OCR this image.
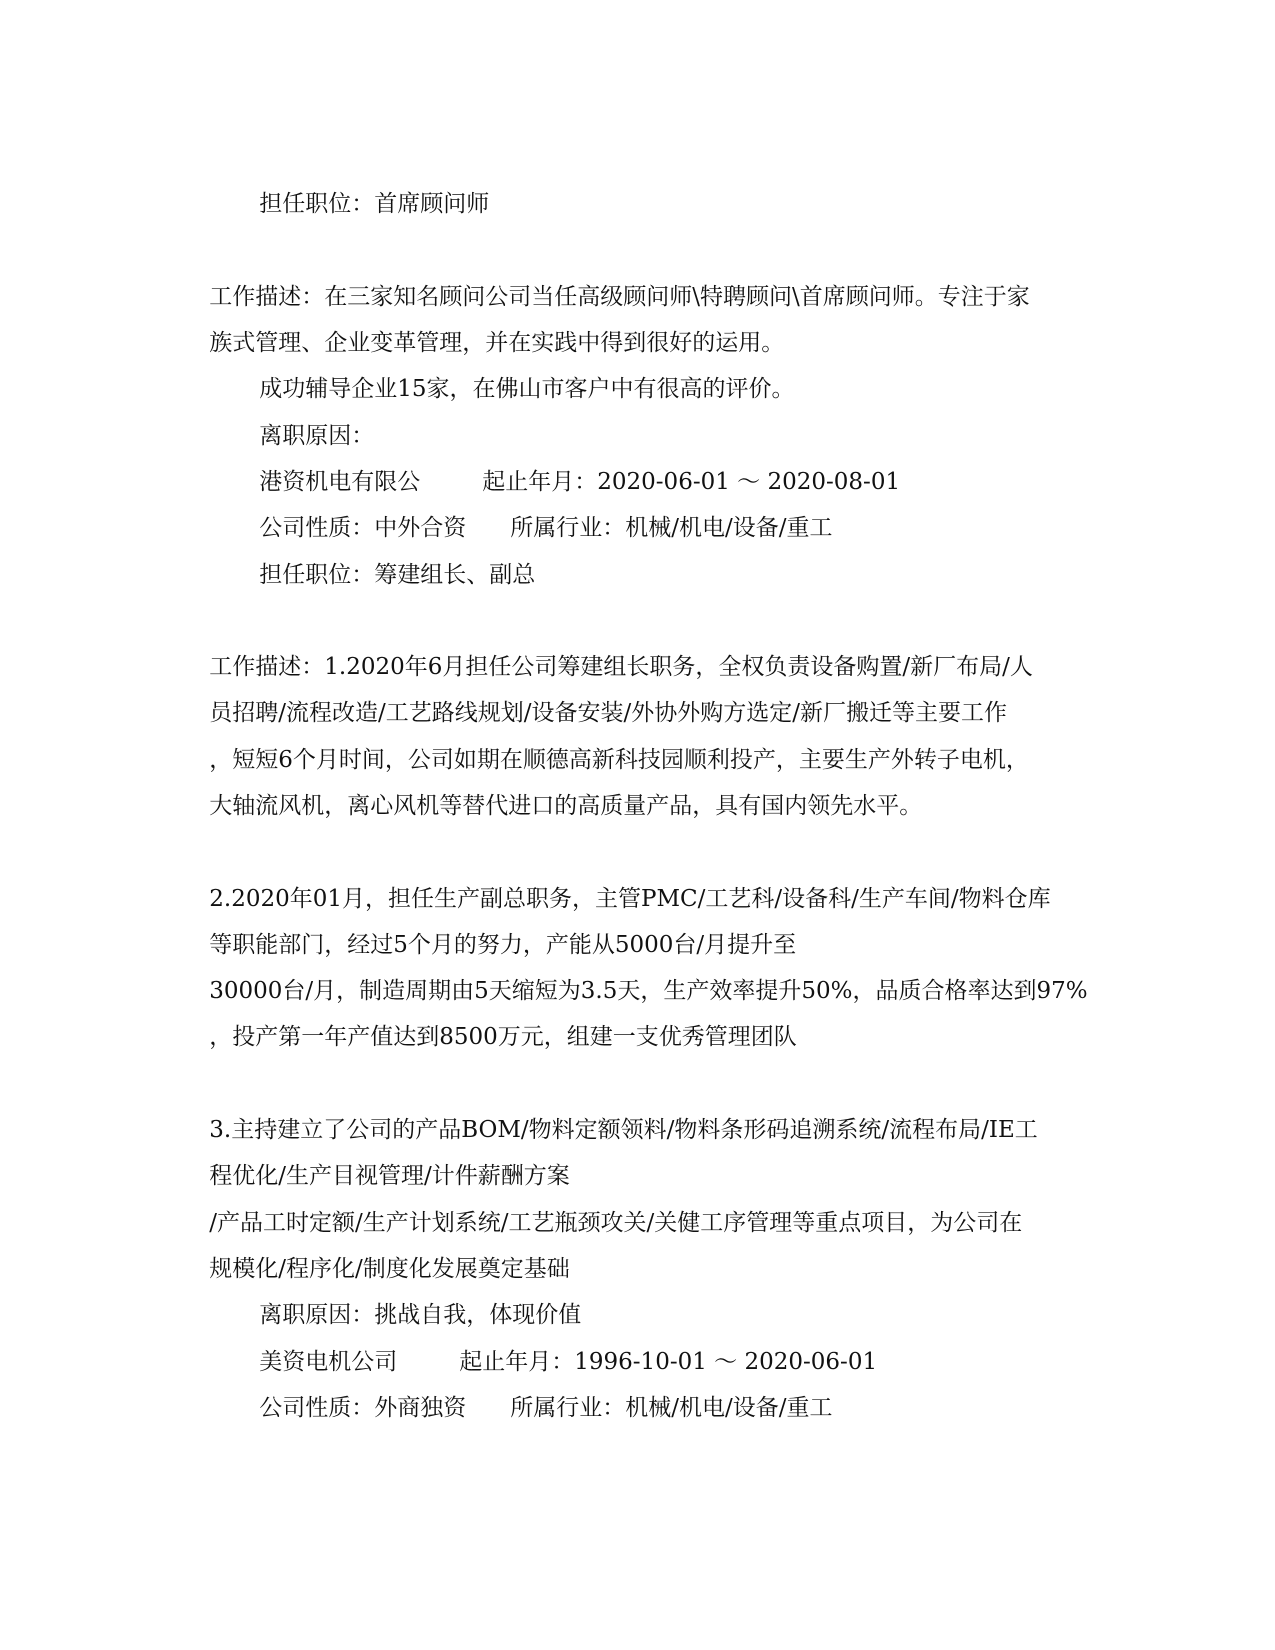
担任职位：首席顾问师

工作描述：在三家知名顾问公司当任高级顾问师\特聘顾问\首席顾问师。专注于家

族式管理、企业变革管理，并在实践中得到很好的运用。

成功辅导企业15家，在佛山市客户中有很高的评价。

离职原因：

港资机电有限公	起止年月：2020-06-01 ～ 2020-08-01

公司性质：中外合资 所属行业：机械/机电/设备/重工

担任职位：筹建组长、副总

工作描述：1.2020年6月担任公司筹建组长职务，全权负责设备购置/新厂布局/人

员招聘/流程改造/工艺路线规划/设备安装/外协外购方选定/新厂搬迁等主要工作

，短短6个月时间，公司如期在顺德高新科技园顺利投产，主要生产外转子电机，

大轴流风机，离心风机等替代进口的高质量产品，具有国内领先水平。

2.2020年01月，担任生产副总职务，主管PMC/工艺科/设备科/生产车间/物料仓库

等职能部门，经过5个月的努力，产能从5000台/月提升至

30000台/月，制造周期由5天缩短为3.5天，生产效率提升50%，品质合格率达到97%

，投产第一年产值达到8500万元，组建一支优秀管理团队

3.主持建立了公司的产品BOM/物料定额领料/物料条形码追溯系统/流程布局/IE工

程优化/生产目视管理/计件薪酬方案

/产品工时定额/生产计划系统/工艺瓶颈攻关/关健工序管理等重点项目，为公司在

规模化/程序化/制度化发展奠定基础

离职原因：挑战自我，体现价值

美资电机公司	起止年月：1996-10-01 ～ 2020-06-01

公司性质：外商独资 所属行业：机械/机电/设备/重工
